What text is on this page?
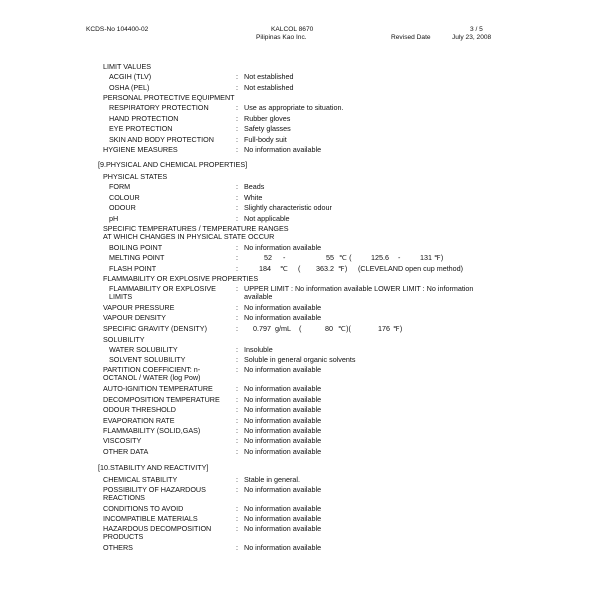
KCDS-No 104400-02	KALCOL 8670
Pilipinas Kao Inc.
3 / 5
Revised Date	July 23, 2008
LIMIT VALUES
ACGIH (TLV)	: Not established
OSHA (PEL)	: Not established
PERSONAL PROTECTIVE EQUIPMENT
RESPIRATORY PROTECTION	: Use as appropriate to situation.
HAND PROTECTION	: Rubber gloves
EYE PROTECTION	: Safety glasses
SKIN AND BODY PROTECTION	: Full-body suit
HYGIENE MEASURES	: No information available
[9.PHYSICAL AND CHEMICAL PROPERTIES]
PHYSICAL STATES
FORM	: Beads
COLOUR	: White
ODOUR	: Slightly characteristic odour
pH	: Not applicable
SPECIFIC TEMPERATURES / TEMPERATURE RANGES
AT WHICH CHANGES IN PHYSICAL STATE OCCUR
BOILING POINT	: No information available
MELTING POINT	:	52 -	55 ℃ (	125.6 -	131 ℉)
FLASH POINT	:	184 ℃ ( 363.2 ℉) (CLEVELAND open cup method)
FLAMMABILITY OR EXPLOSIVE PROPERTIES
FLAMMABILITY OR EXPLOSIVE
LIMITS
: UPPER LIMIT : No information available LOWER LIMIT : No information
available
VAPOUR PRESSURE	: No information available
VAPOUR DENSITY	: No information available
SPECIFIC GRAVITY (DENSITY)	: 0.797 g/mL (	80 ℃)(	176 ℉)
SOLUBILITY
WATER SOLUBILITY	: Insoluble
SOLVENT SOLUBILITY	: Soluble in general organic solvents
PARTITION COEFFICIENT: n-
OCTANOL / WATER (log Pow)
: No information available
AUTO-IGNITION TEMPERATURE	: No information available
DECOMPOSITION TEMPERATURE : No information available
ODOUR THRESHOLD	: No information available
EVAPORATION RATE	: No information available
FLAMMABILITY (SOLID,GAS)	: No information available
VISCOSITY	: No information available
OTHER DATA	: No information available
[10.STABILITY AND REACTIVITY]
CHEMICAL STABILITY	: Stable in general.
POSSIBILITY OF HAZARDOUS
REACTIONS
: No information available
CONDITIONS TO AVOID	: No information available
INCOMPATIBLE MATERIALS	: No information available
HAZARDOUS DECOMPOSITION
PRODUCTS
: No information available
OTHERS	: No information available
